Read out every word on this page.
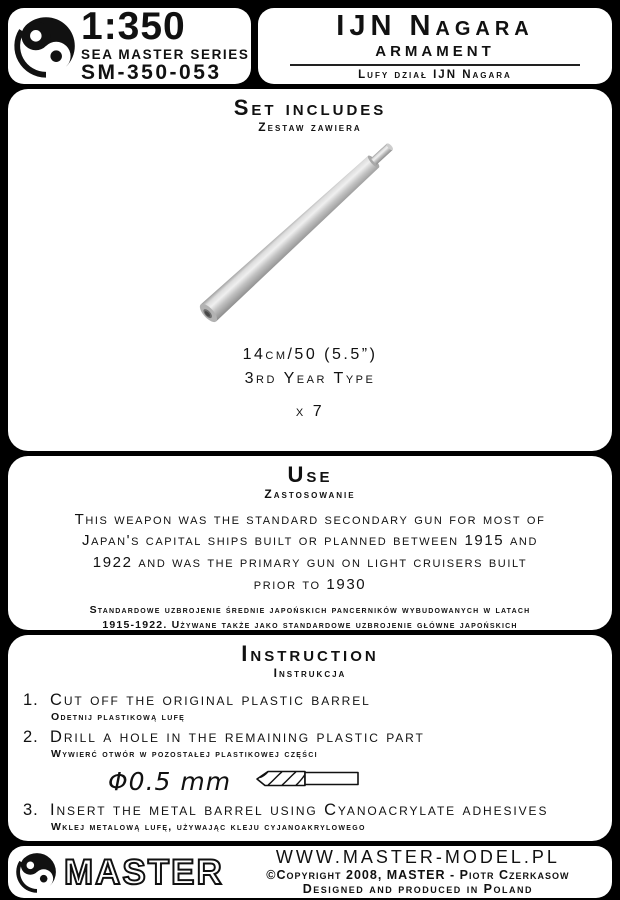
1:350
SEA MASTER SERIES
SM-350-053
IJN Nagara
ARMAMENT
Lufy dział IJN Nagara
Set includes
Zestaw zawiera
14cm/50 (5.5”)
3rd Year Type
x 7
Use
Zastosowanie
This weapon was the standard secondary gun for most of
Japan's capital ships built or planned between 1915 and
1922 and was the primary gun on light cruisers built
prior to 1930
Standardowe uzbrojenie średnie japońskich pancerników wybudowanych w latach
1915-1922. Używane także jako standardowe uzbrojenie główne japońskich
Instruction
Instrukcja
1. Cut off the original plastic barrel
Odetnij plastikową lufę
2. Drill a hole in the remaining plastic part
Wywierć otwór w pozostałej plastikowej części
Φ0.5 mm
3. Insert the metal barrel using Cyanoacrylate adhesives
Wklej metalową lufę, używając kleju cyjanoakrylowego
MASTER	WWW.MASTER-MODEL.PL
©Copyright 2008, MASTER - Piotr Czerkasow
Designed and produced in Poland
